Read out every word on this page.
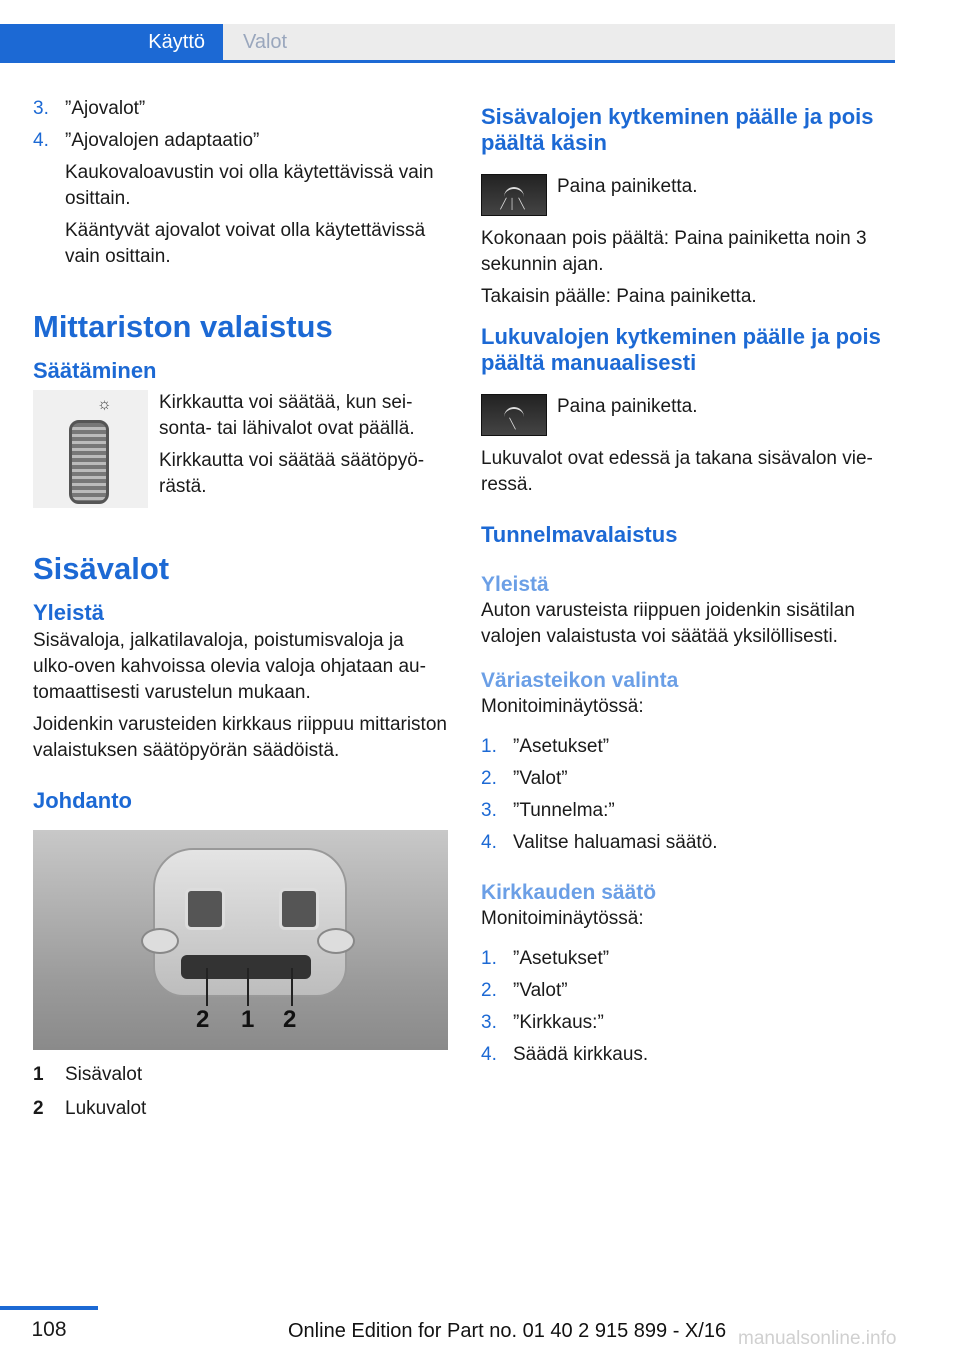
Käyttö	Valot
3. ”Ajovalot”
4. ”Ajovalojen adaptaatio”

Kaukovaloavustin voi olla käytettävissä vain osittain.

Kääntyvät ajovalot voivat olla käytettävissä vain osittain.

Mittariston valaistus
Säätäminen
☼ Kirkkautta voi säätää, kun seisonta- tai lähivalot ovat päällä.

Kirkkautta voi säätää säätöpyörästä.

Sisävalot
Yleistä

Sisävaloja, jalkatilavaloja, poistumisvaloja ja ulko-oven kahvoissa olevia valoja ohjataan automaattisesti varustelun mukaan.

Joidenkin varusteiden kirkkaus riippuu mittariston valaistuksen säätöpyörän säädöistä.

Johdanto
2 1 2
1	Sisävalot
2	Lukuvalot
Sisävalojen kytkeminen päälle ja pois päältä käsin
╱│╲

Paina painiketta.

Kokonaan pois päältä: Paina painiketta noin 3 sekunnin ajan.

Takaisin päälle: Paina painiketta.

Lukuvalojen kytkeminen päälle ja pois päältä manuaalisesti
╲

Paina painiketta.

Lukuvalot ovat edessä ja takana sisävalon vieressä.

Tunnelmavalaistus
Yleistä

Auton varusteista riippuen joidenkin sisätilan valojen valaistusta voi säätää yksilöllisesti.

Väriasteikon valinta

Monitoiminäytössä:

1. ”Asetukset”
2. ”Valot”
3. ”Tunnelma:”
4. Valitse haluamasi säätö.
Kirkkauden säätö

Monitoiminäytössä:

1. ”Asetukset”
2. ”Valot”
3. ”Kirkkaus:”
4. Säädä kirkkaus.
108	Online Edition for Part no. 01 40 2 915 899 - X/16 manualsonline.info
